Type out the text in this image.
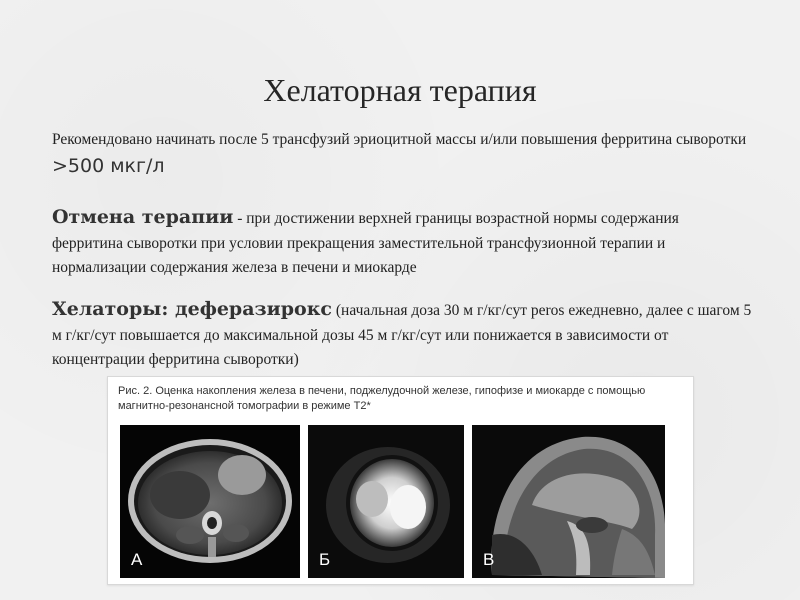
Хелаторная терапия
Рекомендовано начинать после 5 трансфузий эриоцитной массы и/или повышения ферритина сыворотки >500 мкг/л
Отмена терапии - при достижении верхней границы возрастной нормы содержания ферритина сыворотки при условии прекращения заместительной трансфузионной терапии и нормализации содержания железа в печени и миокарде
Хелаторы: деферазирокс (начальная доза 30 м г/кг/сут peros ежедневно, далее с шагом 5 м г/кг/сут повышается до максимальной дозы 45 м г/кг/сут или понижается в зависимости от концентрации ферритина сыворотки)
Рис. 2. Оценка накопления железа в печени, поджелудочной железе, гипофизе и миокарде с помощью магнитно-резонансной томографии в режиме Т2*
А	Б	В
